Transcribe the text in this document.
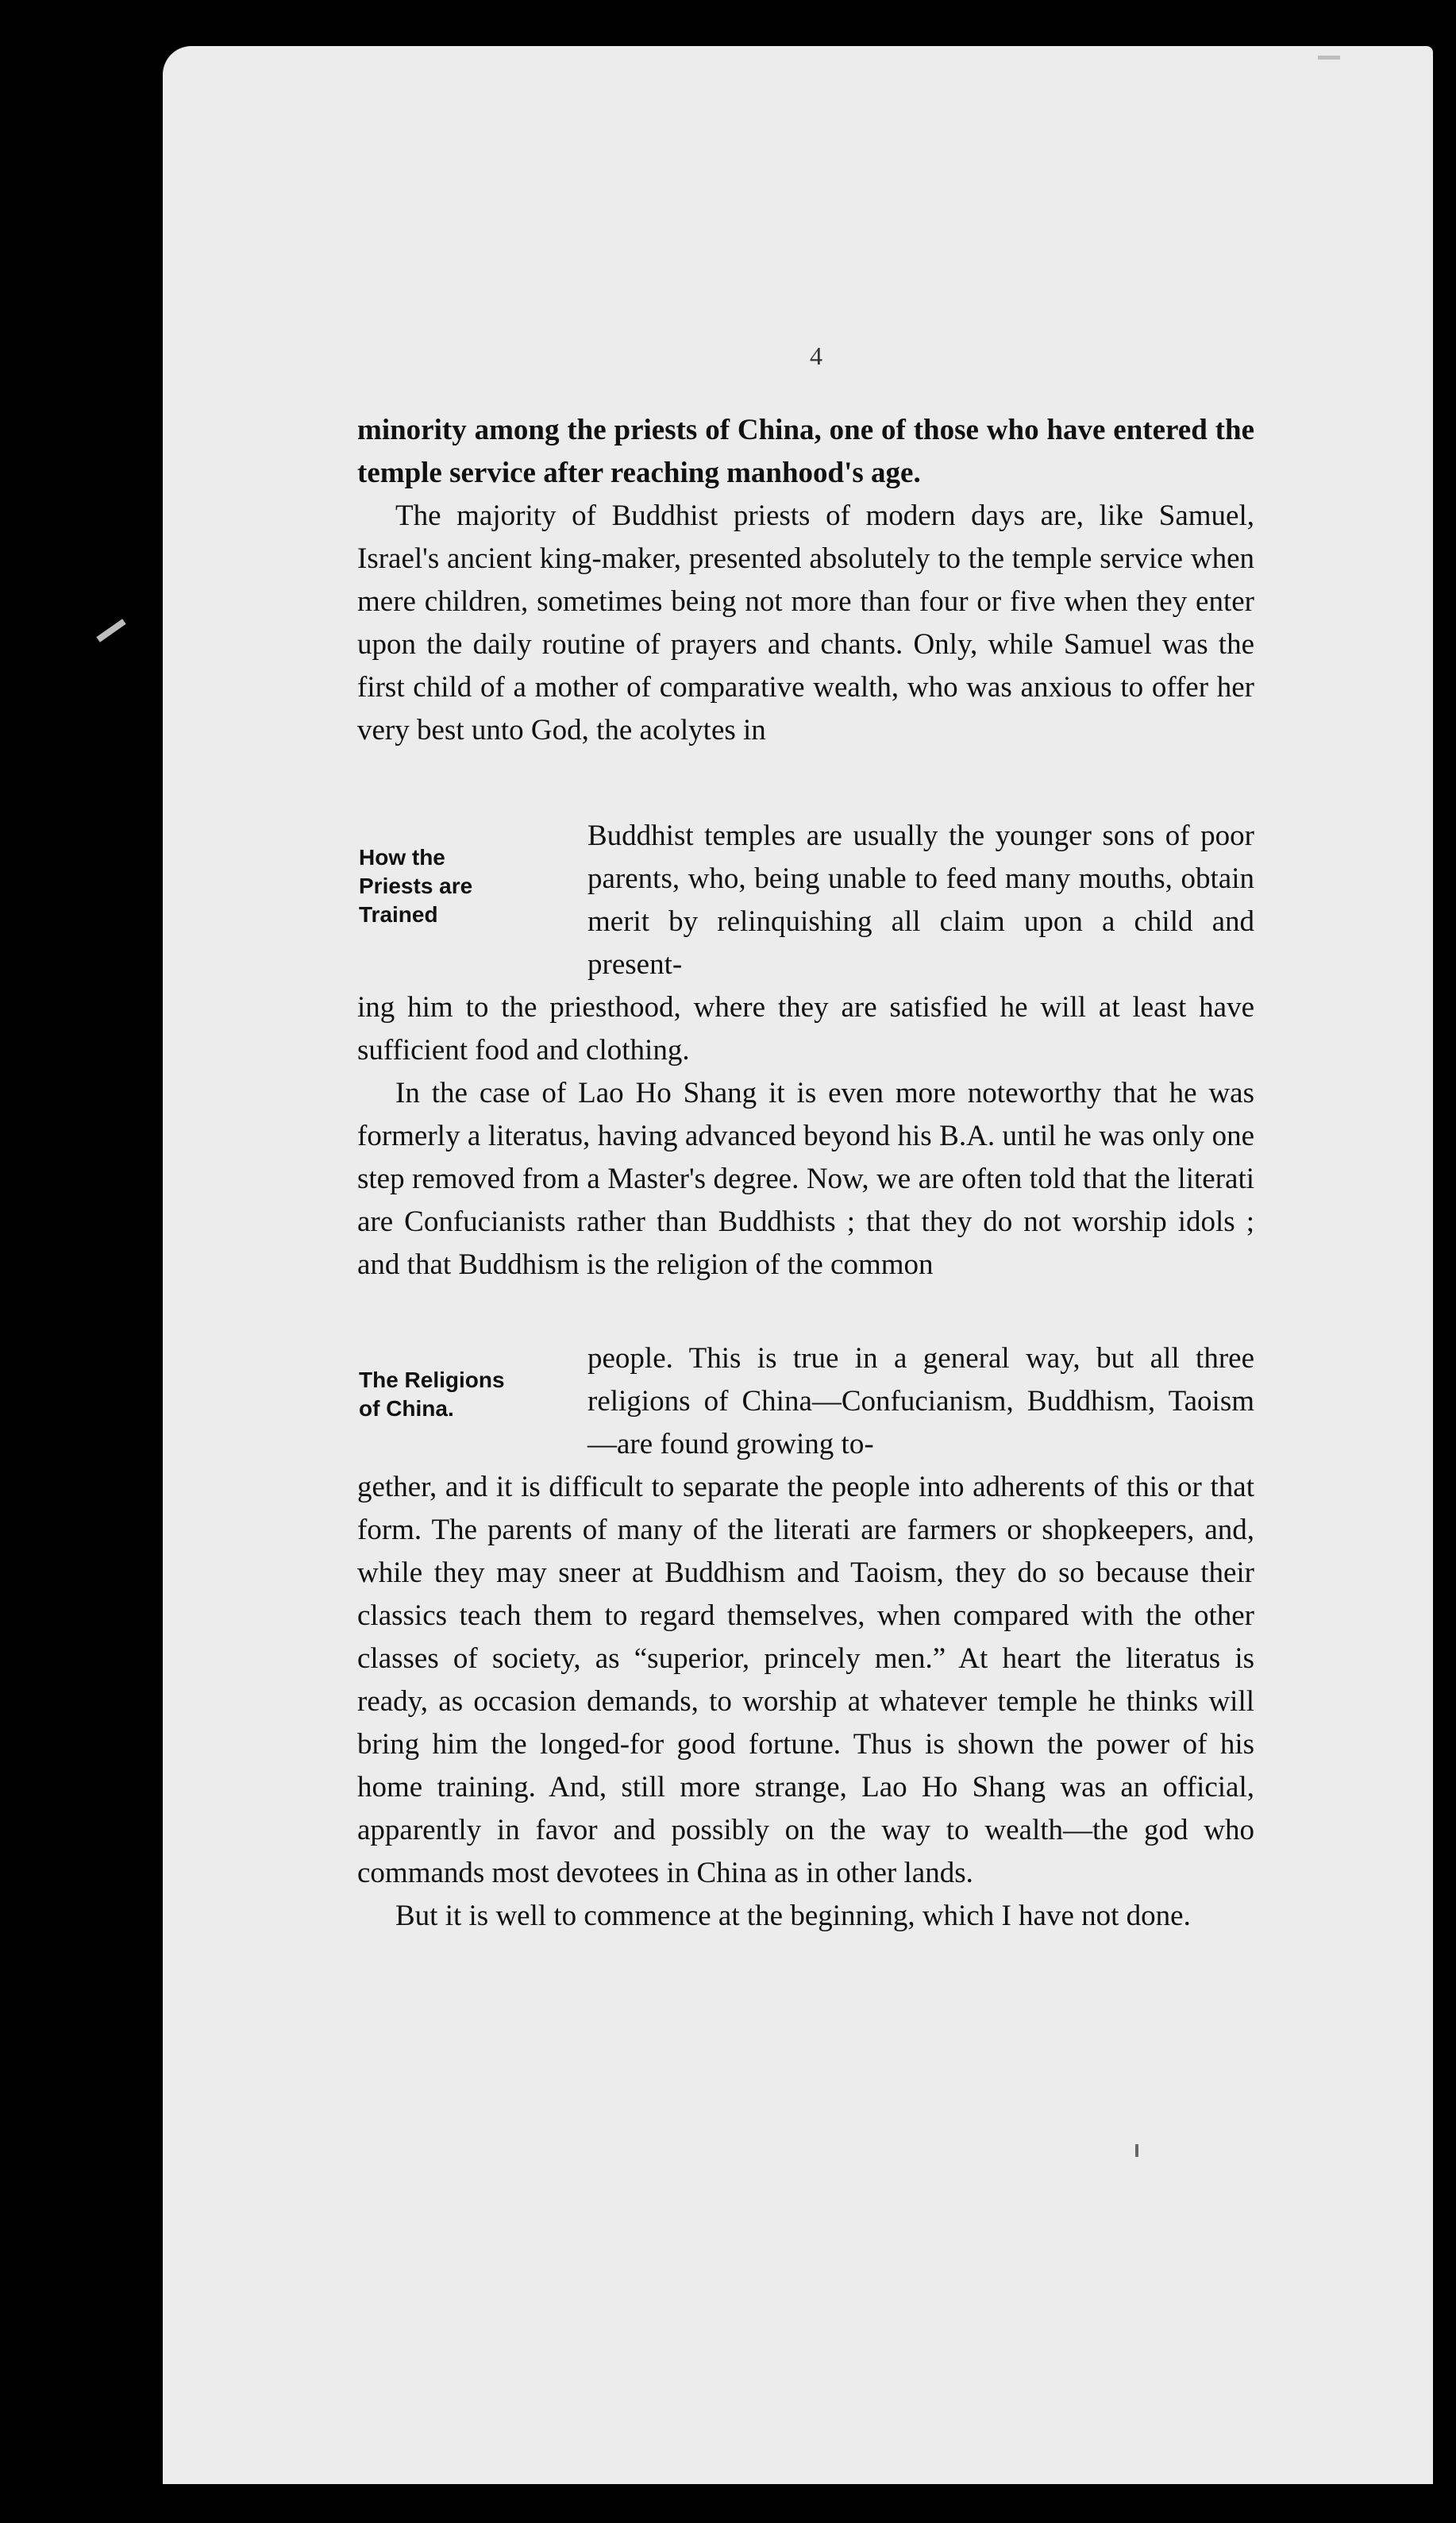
4

minority among the priests of China, one of those who have entered the temple service after reaching manhood's age.

The majority of Buddhist priests of modern days are, like Samuel, Israel's ancient king-maker, presented absolutely to the temple service when mere children, sometimes being not more than four or five when they enter upon the daily routine of prayers and chants. Only, while Samuel was the first child of a mother of comparative wealth, who was anxious to offer her very best unto God, the acolytes in

How the
Priests are
Trained
Buddhist temples are usually the younger sons of poor parents, who, being unable to feed many mouths, obtain merit by relinquishing all claim upon a child and present-

ing him to the priesthood, where they are satisfied he will at least have sufficient food and clothing.

In the case of Lao Ho Shang it is even more noteworthy that he was formerly a literatus, having advanced beyond his B.A. until he was only one step removed from a Master's degree. Now, we are often told that the literati are Confucianists rather than Buddhists ; that they do not worship idols ; and that Buddhism is the religion of the common

The Religions
of China.
people. This is true in a general way, but all three religions of China—Confucianism, Buddhism, Taoism—are found growing to-

gether, and it is difficult to separate the people into adherents of this or that form. The parents of many of the literati are farmers or shopkeepers, and, while they may sneer at Buddhism and Taoism, they do so because their classics teach them to regard themselves, when compared with the other classes of society, as “superior, princely men.” At heart the literatus is ready, as occasion demands, to worship at whatever temple he thinks will bring him the longed-for good fortune. Thus is shown the power of his home training. And, still more strange, Lao Ho Shang was an official, apparently in favor and possibly on the way to wealth—the god who commands most devotees in China as in other lands.

But it is well to commence at the beginning, which I have not done.
